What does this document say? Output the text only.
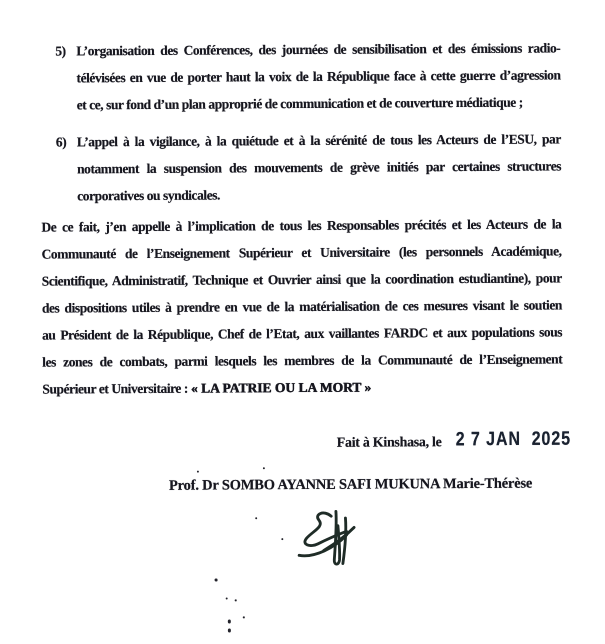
5) L’organisation des Conférences, des journées de sensibilisation et des émissions radio-
télévisées en vue de porter haut la voix de la République face à cette guerre d’agression
et ce, sur fond d’un plan approprié de communication et de couverture médiatique ;
6) L’appel à la vigilance, à la quiétude et à la sérénité de tous les Acteurs de l’ESU, par
notamment la suspension des mouvements de grève initiés par certaines structures
corporatives ou syndicales.
De ce fait, j’en appelle à l’implication de tous les Responsables précités et les Acteurs de la
Communauté de l’Enseignement Supérieur et Universitaire (les personnels Académique,
Scientifique, Administratif, Technique et Ouvrier ainsi que la coordination estudiantine), pour
des dispositions utiles à prendre en vue de la matérialisation de ces mesures visant le soutien
au Président de la République, Chef de l’Etat, aux vaillantes FARDC et aux populations sous
les zones de combats, parmi lesquels les membres de la Communauté de l’Enseignement
Supérieur et Universitaire : « LA PATRIE OU LA MORT »

Fait à Kinshasa, le 2 7 JAN  2025

Prof. Dr SOMBO AYANNE SAFI MUKUNA Marie-Thérèse
